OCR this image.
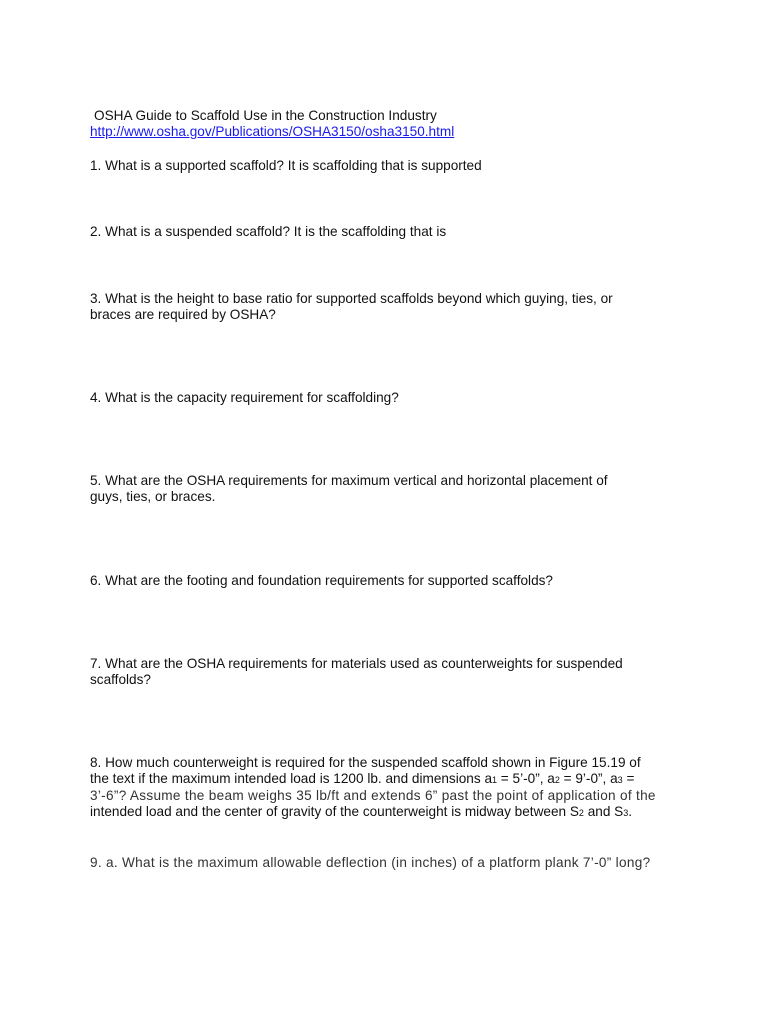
OSHA Guide to Scaffold Use in the Construction Industry
http://www.osha.gov/Publications/OSHA3150/osha3150.html

1. What is a supported scaffold? It is scaffolding that is supported

2. What is a suspended scaffold? It is the scaffolding that is

3. What is the height to base ratio for supported scaffolds beyond which guying, ties, or

braces are required by OSHA?

4. What is the capacity requirement for scaffolding?

5. What are the OSHA requirements for maximum vertical and horizontal placement of

guys, ties, or braces.

6. What are the footing and foundation requirements for supported scaffolds?

7. What are the OSHA requirements for materials used as counterweights for suspended

scaffolds?

8. How much counterweight is required for the suspended scaffold shown in Figure 15.19 of

the text if the maximum intended load is 1200 lb. and dimensions a1 = 5’-0”, a2 = 9’-0”, a3 =

3’-6”? Assume the beam weighs 35 lb/ft and extends 6” past the point of application of the

intended load and the center of gravity of the counterweight is midway between S2 and S3.

9. a. What is the maximum allowable deflection (in inches) of a platform plank 7’-0” long?
